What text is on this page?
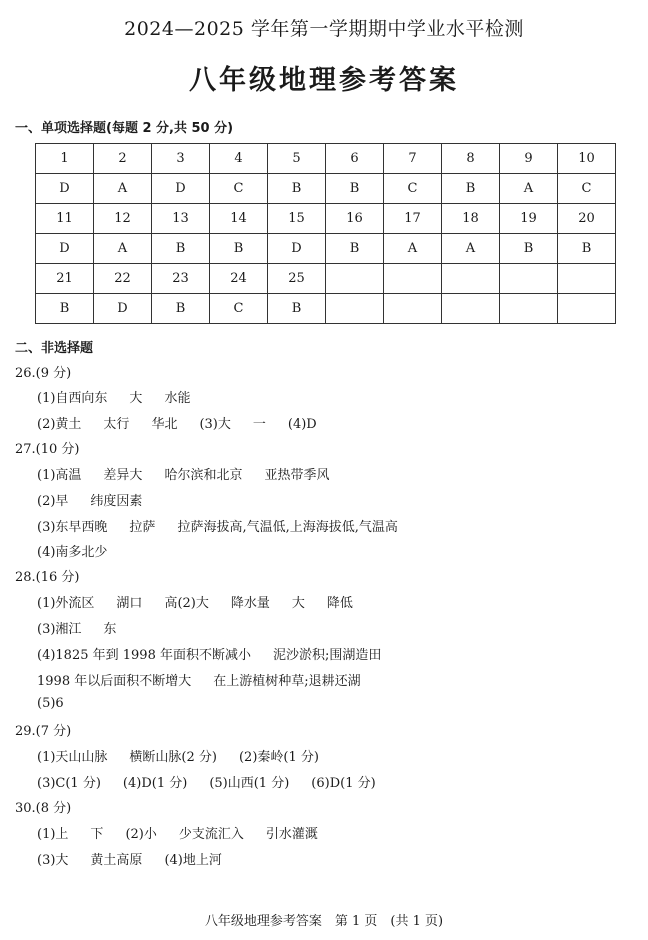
2024—2025 学年第一学期期中学业水平检测
八年级地理参考答案
一、单项选择题(每题 2 分,共 50 分)
1	2	3	4	5	6	7	8	9	10
D	A	D	C	B	B	C	B	A	C
11	12	13	14	15	16	17	18	19	20
D	A	B	B	D	B	A	A	B	B
21	22	23	24	25					
B	D	B	C	B					
二、非选择题
26.(9 分)
(1)自西向东 大 水能
(2)黄土 太行 华北 (3)大 一 (4)D
27.(10 分)
(1)高温 差异大 哈尔滨和北京 亚热带季风
(2)早 纬度因素
(3)东早西晚 拉萨 拉萨海拔高,气温低,上海海拔低,气温高
(4)南多北少
28.(16 分)
(1)外流区 湖口 高(2)大 降水量 大 降低
(3)湘江 东
(4)1825 年到 1998 年面积不断减小 泥沙淤积;围湖造田
1998 年以后面积不断增大 在上游植树种草;退耕还湖
(5)6
29.(7 分)
(1)天山山脉 横断山脉(2 分) (2)秦岭(1 分)
(3)C(1 分) (4)D(1 分) (5)山西(1 分) (6)D(1 分)
30.(8 分)
(1)上 下 (2)小 少支流汇入 引水灌溉
(3)大 黄土高原 (4)地上河
八年级地理参考答案　第 1 页　(共 1 页)
